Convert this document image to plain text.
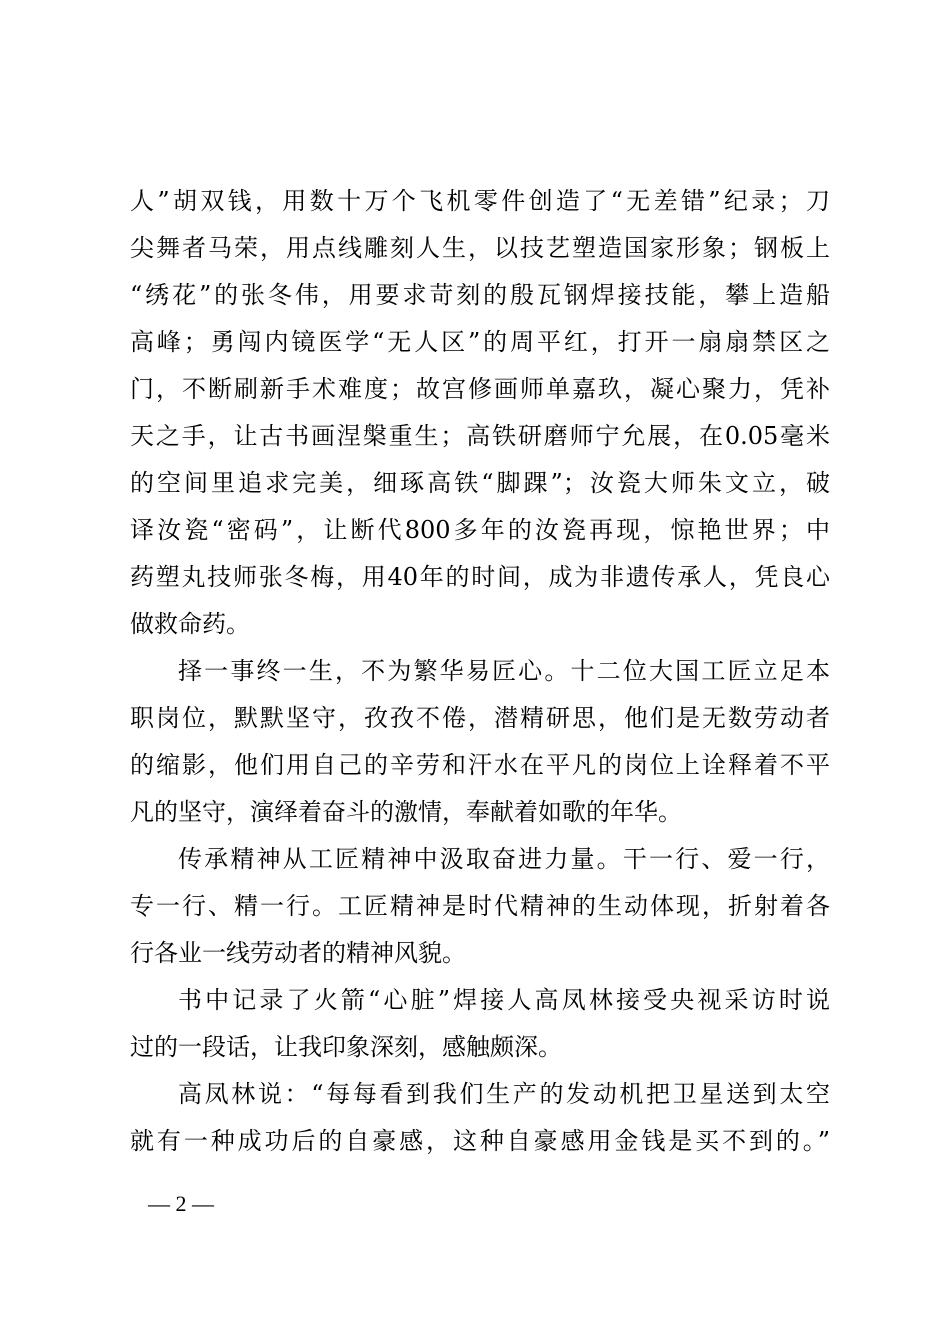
人”胡双钱，用数十万个飞机零件创造了“无差错”纪录；刀
尖舞者马荣，用点线雕刻人生，以技艺塑造国家形象；钢板上
“绣花”的张冬伟，用要求苛刻的殷瓦钢焊接技能，攀上造船
高峰；勇闯内镜医学“无人区”的周平红，打开一扇扇禁区之
门，不断刷新手术难度；故宫修画师单嘉玖，凝心聚力，凭补
天之手，让古书画涅槃重生；高铁研磨师宁允展，在0.05毫米
的空间里追求完美，细琢高铁“脚踝”；汝瓷大师朱文立，破
译汝瓷“密码”，让断代800多年的汝瓷再现，惊艳世界；中
药塑丸技师张冬梅，用40年的时间，成为非遗传承人，凭良心
做救命药。
择一事终一生，不为繁华易匠心。十二位大国工匠立足本
职岗位，默默坚守，孜孜不倦，潜精研思，他们是无数劳动者
的缩影，他们用自己的辛劳和汗水在平凡的岗位上诠释着不平
凡的坚守，演绎着奋斗的激情，奉献着如歌的年华。
传承精神从工匠精神中汲取奋进力量。干一行、爱一行，
专一行、精一行。工匠精神是时代精神的生动体现，折射着各
行各业一线劳动者的精神风貌。
书中记录了火箭“心脏”焊接人高凤林接受央视采访时说
过的一段话，让我印象深刻，感触颇深。
高凤林说：“每每看到我们生产的发动机把卫星送到太空
就有一种成功后的自豪感，这种自豪感用金钱是买不到的。”
— 2 —
